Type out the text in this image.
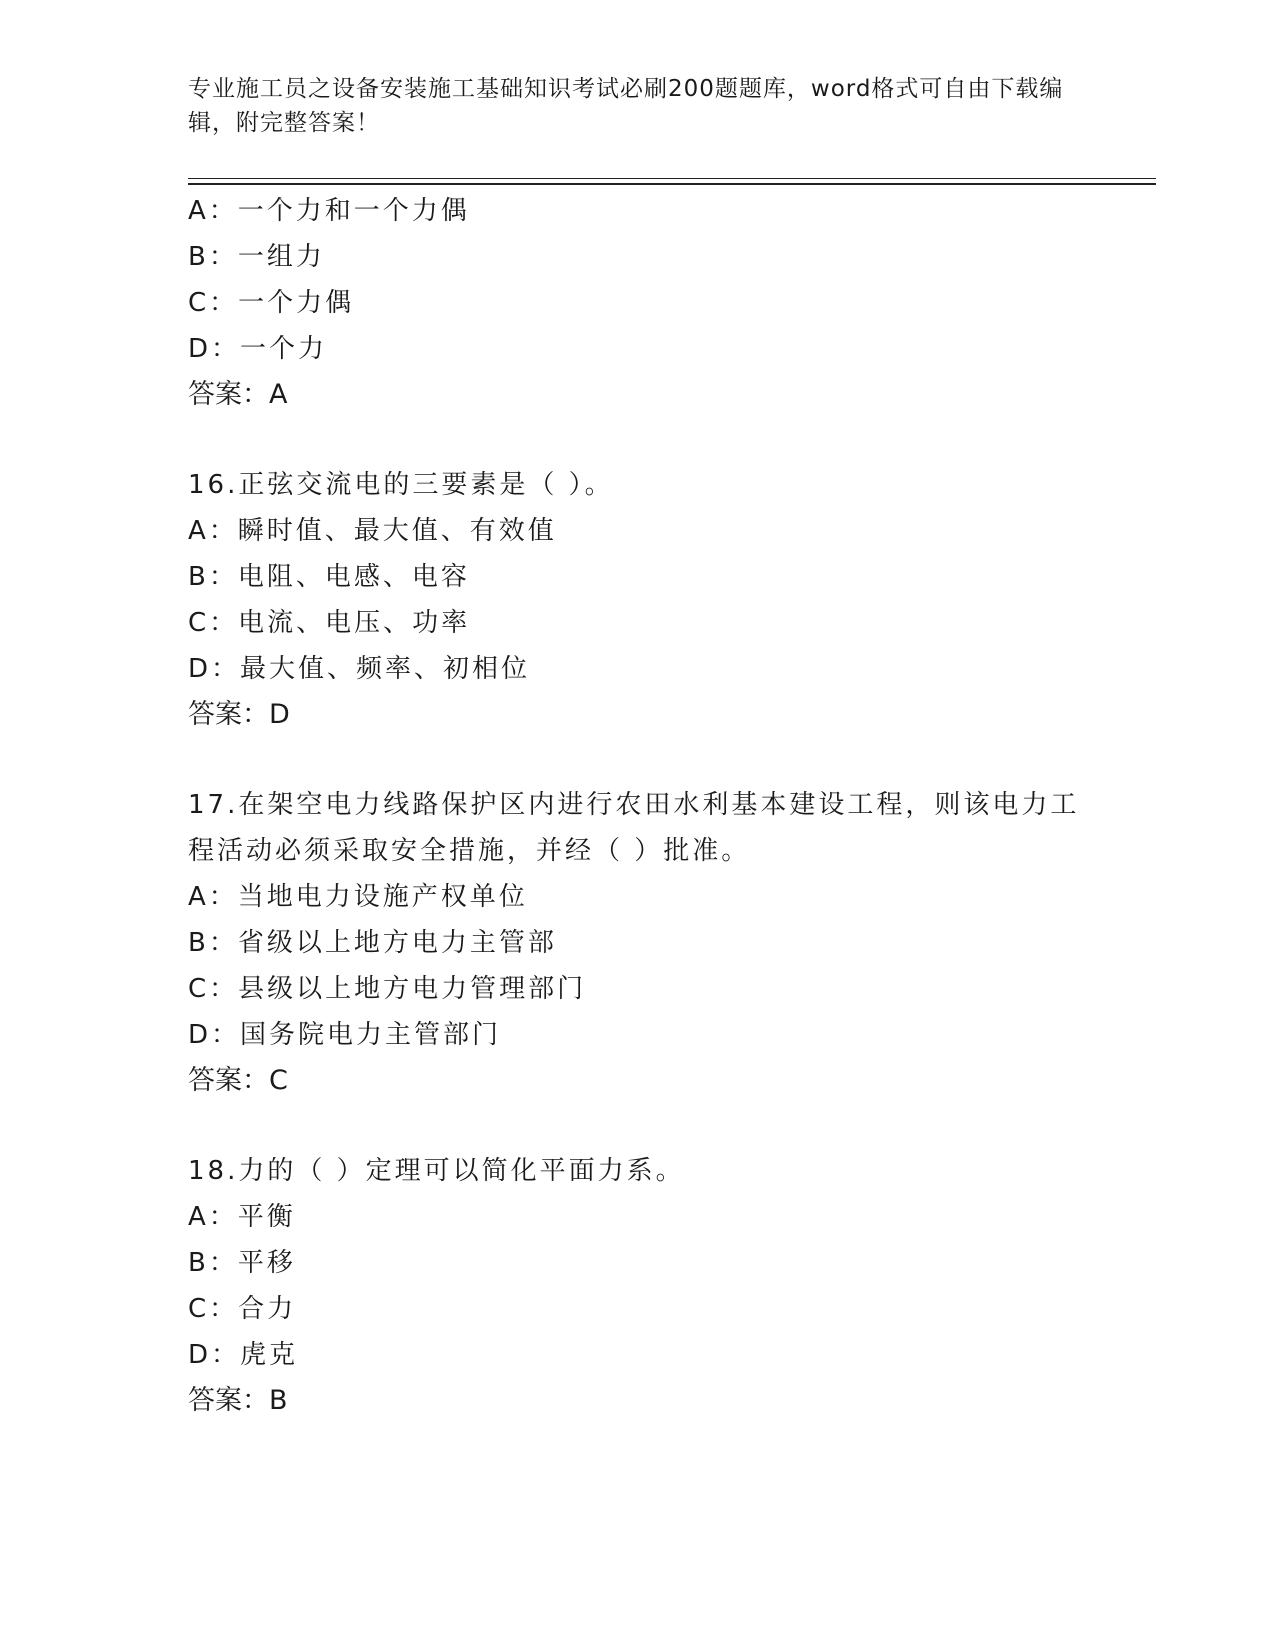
专业施工员之设备安装施工基础知识考试必刷200题题库，word格式可自由下载编辑，附完整答案！
A：一个力和一个力偶
B：一组力
C：一个力偶
D：一个力
答案：A
16.正弦交流电的三要素是（ ）。
A：瞬时值、最大值、有效值
B：电阻、电感、电容
C：电流、电压、功率
D：最大值、频率、初相位
答案：D
17.在架空电力线路保护区内进行农田水利基本建设工程，则该电力工程活动必须采取安全措施，并经（ ）批准。
A：当地电力设施产权单位
B：省级以上地方电力主管部
C：县级以上地方电力管理部门
D：国务院电力主管部门
答案：C
18.力的（ ）定理可以简化平面力系。
A：平衡
B：平移
C：合力
D：虎克
答案：B
